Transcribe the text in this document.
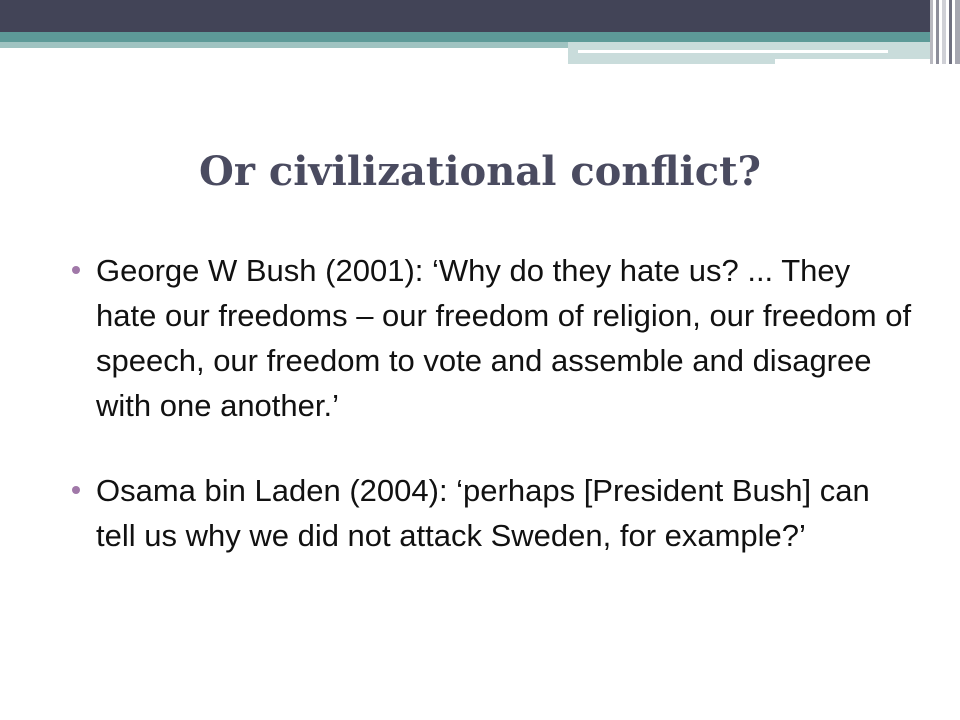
Or civilizational conflict?
George W Bush (2001): ‘Why do they hate us? ... They hate our freedoms – our freedom of religion, our freedom of speech, our freedom to vote and assemble and disagree with one another.’
Osama bin Laden (2004): ‘perhaps [President Bush] can tell us why we did not attack Sweden, for example?’
